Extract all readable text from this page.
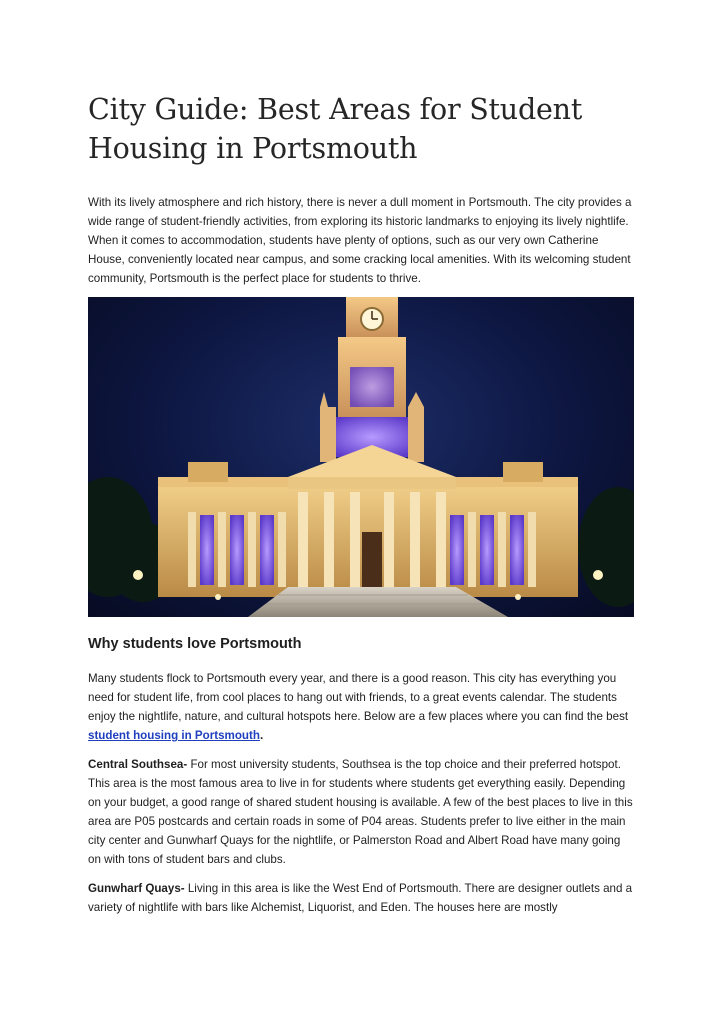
City Guide: Best Areas for Student Housing in Portsmouth

With its lively atmosphere and rich history, there is never a dull moment in Portsmouth. The city provides a wide range of student-friendly activities, from exploring its historic landmarks to enjoying its lively nightlife. When it comes to accommodation, students have plenty of options, such as our very own Catherine House, conveniently located near campus, and some cracking local amenities. With its welcoming student community, Portsmouth is the perfect place for students to thrive.

Why students love Portsmouth

Many students flock to Portsmouth every year, and there is a good reason. This city has everything you need for student life, from cool places to hang out with friends, to a great events calendar. The students enjoy the nightlife, nature, and cultural hotspots here. Below are a few places where you can find the best student housing in Portsmouth.

Central Southsea- For most university students, Southsea is the top choice and their preferred hotspot. This area is the most famous area to live in for students where students get everything easily. Depending on your budget, a good range of shared student housing is available. A few of the best places to live in this area are P05 postcards and certain roads in some of P04 areas. Students prefer to live either in the main city center and Gunwharf Quays for the nightlife, or Palmerston Road and Albert Road have many going on with tons of student bars and clubs.

Gunwharf Quays- Living in this area is like the West End of Portsmouth. There are designer outlets and a variety of nightlife with bars like Alchemist, Liquorist, and Eden. The houses here are mostly
